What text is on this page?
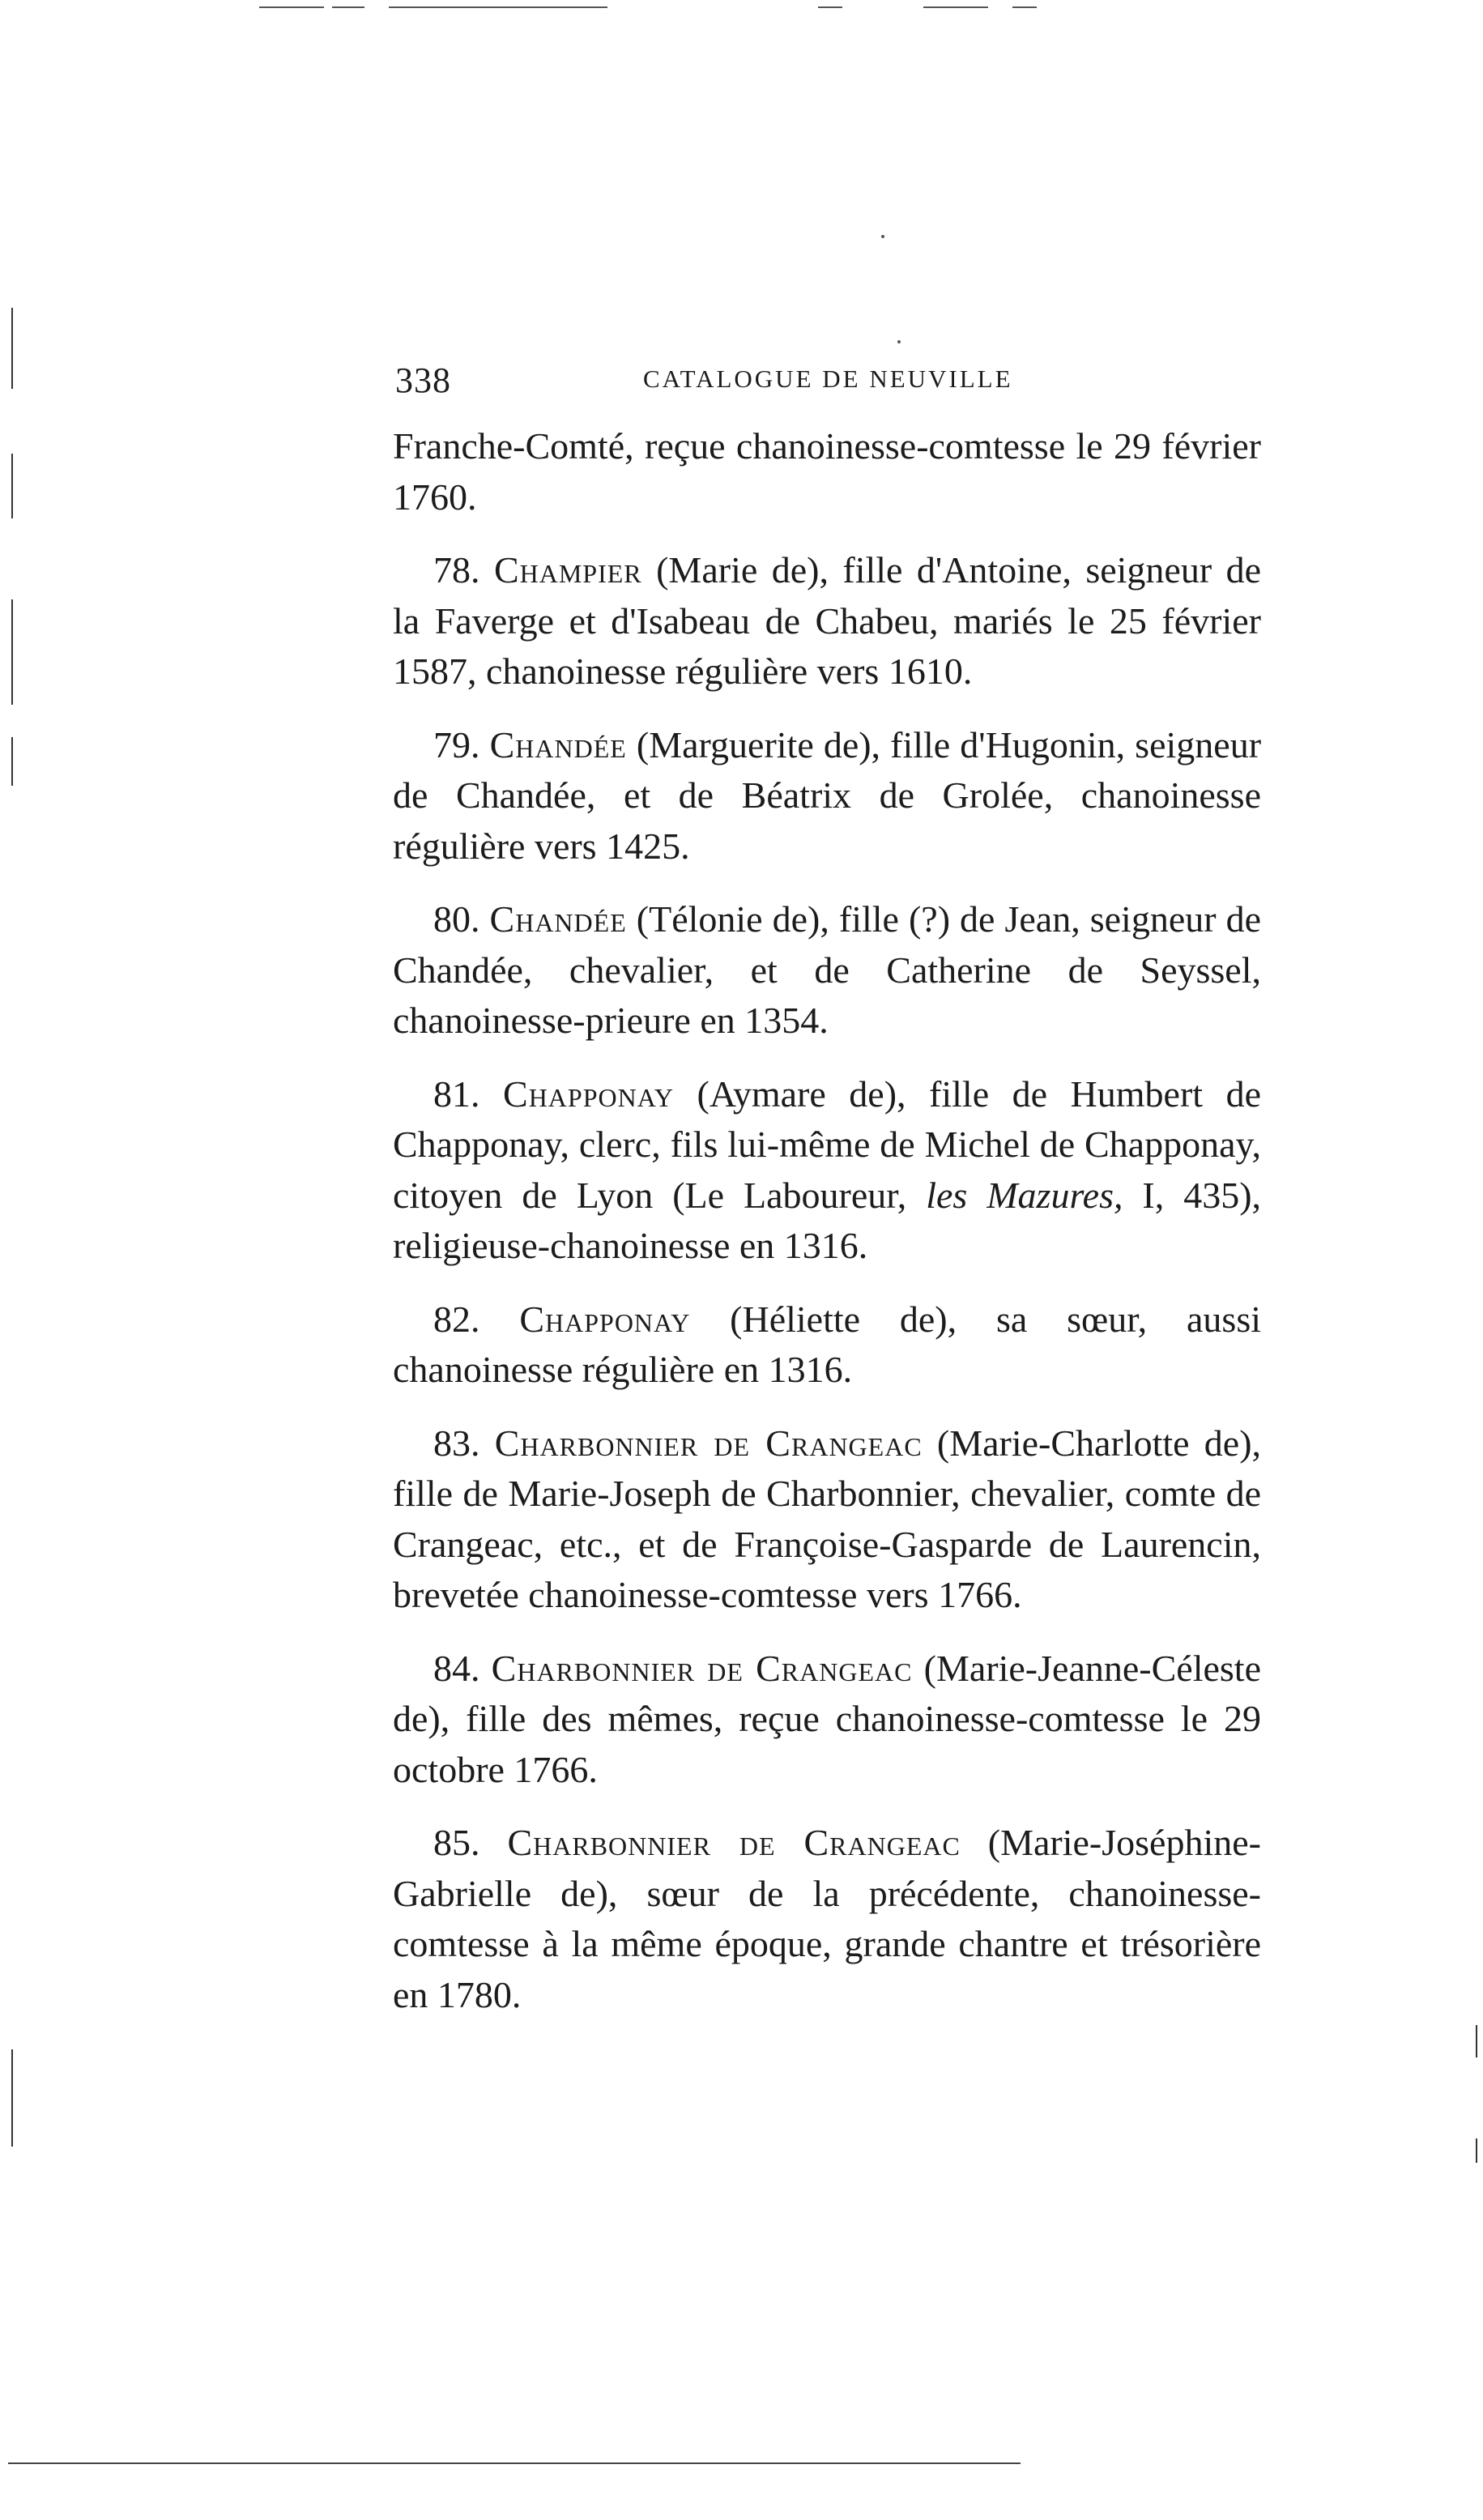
338	CATALOGUE DE NEUVILLE

Franche-Comté, reçue chanoinesse-comtesse le 29 février 1760.

78. Champier (Marie de), fille d'Antoine, seigneur de la Faverge et d'Isabeau de Chabeu, mariés le 25 février 1587, chanoinesse régulière vers 1610.

79. Chandée (Marguerite de), fille d'Hugonin, seigneur de Chandée, et de Béatrix de Grolée, chanoinesse régulière vers 1425.

80. Chandée (Télonie de), fille (?) de Jean, seigneur de Chandée, chevalier, et de Catherine de Seyssel, chanoinesse-prieure en 1354.

81. Chapponay (Aymare de), fille de Humbert de Chapponay, clerc, fils lui-même de Michel de Chapponay, citoyen de Lyon (Le Laboureur, les Mazures, I, 435), religieuse-chanoinesse en 1316.

82. Chapponay (Héliette de), sa sœur, aussi chanoinesse régulière en 1316.

83. Charbonnier de Crangeac (Marie-Charlotte de), fille de Marie-Joseph de Charbonnier, chevalier, comte de Crangeac, etc., et de Françoise-Gasparde de Laurencin, brevetée chanoinesse-comtesse vers 1766.

84. Charbonnier de Crangeac (Marie-Jeanne-Céleste de), fille des mêmes, reçue chanoinesse-comtesse le 29 octobre 1766.

85. Charbonnier de Crangeac (Marie-Joséphine-Gabrielle de), sœur de la précédente, chanoinesse-comtesse à la même époque, grande chantre et trésorière en 1780.
